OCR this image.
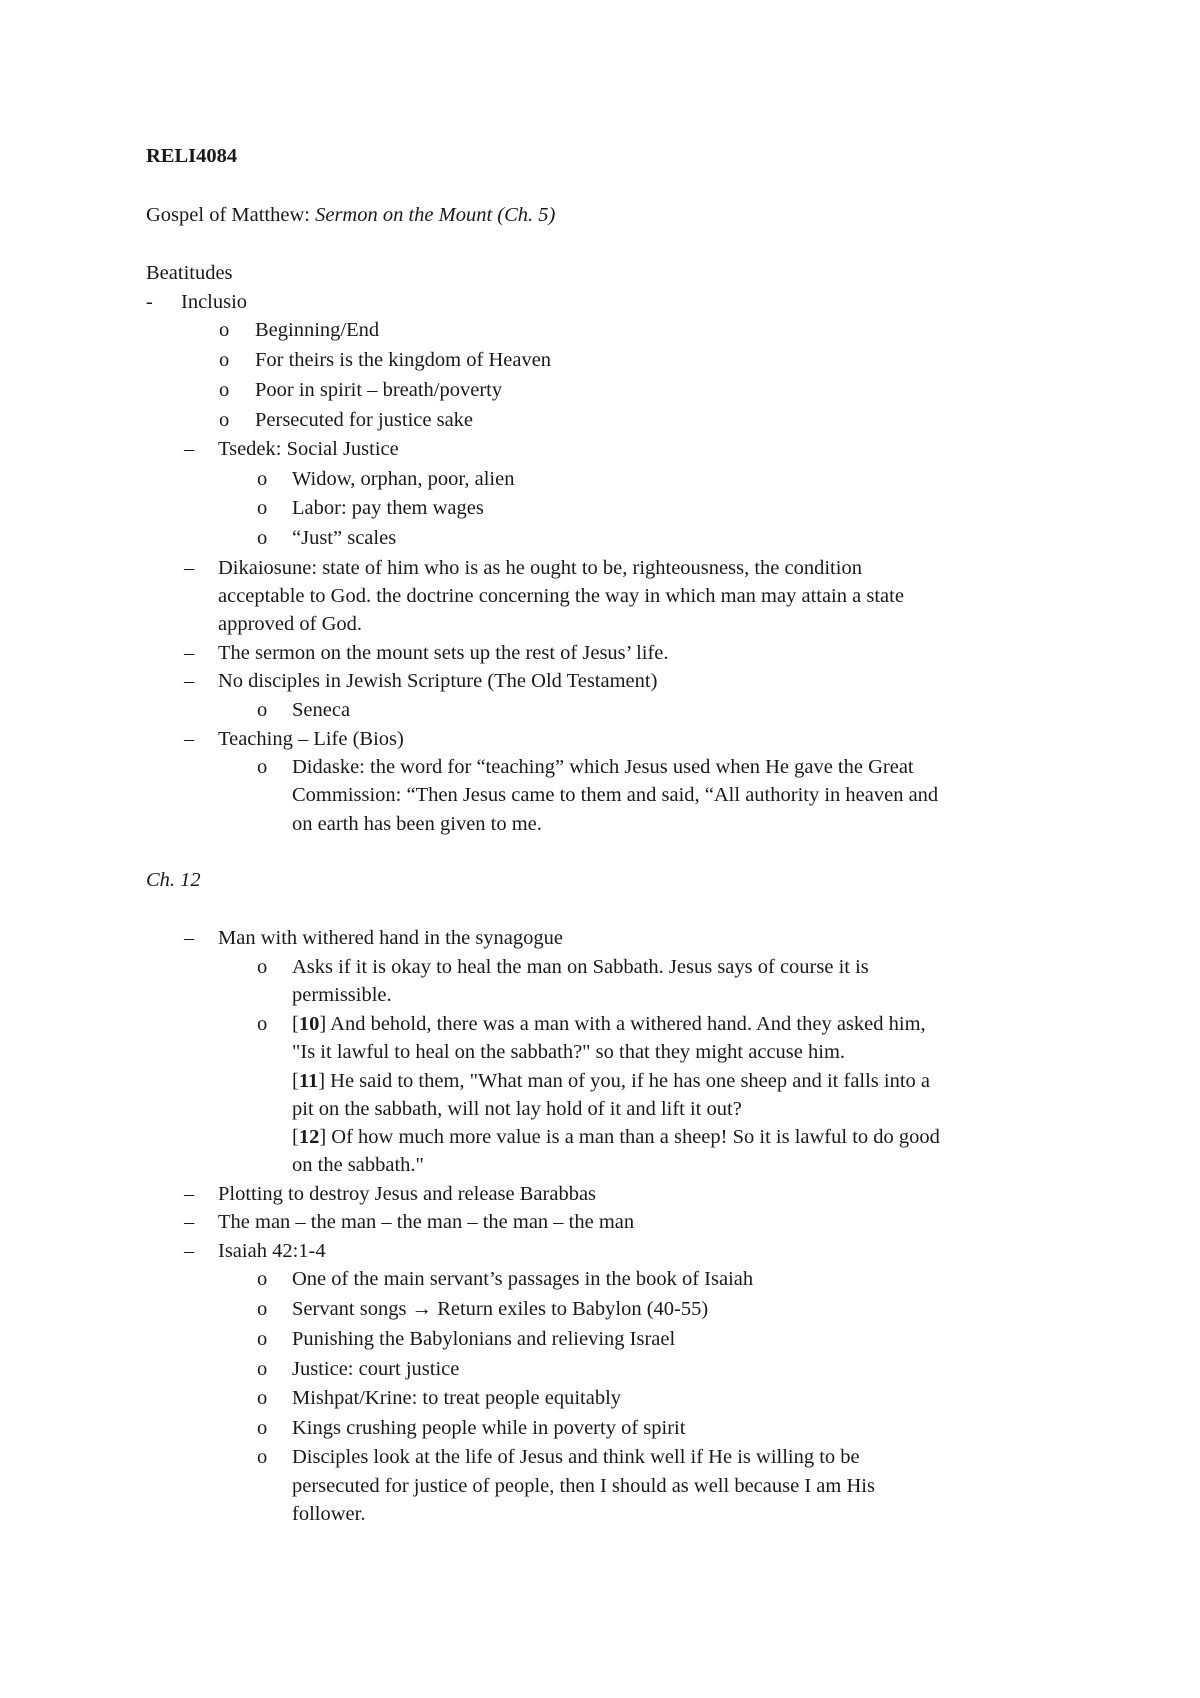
RELI4084
Gospel of Matthew: Sermon on the Mount (Ch. 5)
Beatitudes
- Inclusio
o Beginning/End
o For theirs is the kingdom of Heaven
o Poor in spirit – breath/poverty
o Persecuted for justice sake
– Tsedek: Social Justice
o Widow, orphan, poor, alien
o Labor: pay them wages
o “Just” scales
– Dikaiosune: state of him who is as he ought to be, righteousness, the condition
acceptable to God. the doctrine concerning the way in which man may attain a state
approved of God.
– The sermon on the mount sets up the rest of Jesus’ life.
– No disciples in Jewish Scripture (The Old Testament)
o Seneca
– Teaching – Life (Bios)
o Didaske: the word for “teaching” which Jesus used when He gave the Great
Commission: “Then Jesus came to them and said, “All authority in heaven and
on earth has been given to me.
Ch. 12
– Man with withered hand in the synagogue
o Asks if it is okay to heal the man on Sabbath. Jesus says of course it is
permissible.
o [10] And behold, there was a man with a withered hand. And they asked him,
"Is it lawful to heal on the sabbath?" so that they might accuse him.
[11] He said to them, "What man of you, if he has one sheep and it falls into a
pit on the sabbath, will not lay hold of it and lift it out?
[12] Of how much more value is a man than a sheep! So it is lawful to do good
on the sabbath."
– Plotting to destroy Jesus and release Barabbas
– The man – the man – the man – the man – the man
– Isaiah 42:1-4
o One of the main servant’s passages in the book of Isaiah
o Servant songs → Return exiles to Babylon (40-55)
o Punishing the Babylonians and relieving Israel
o Justice: court justice
o Mishpat/Krine: to treat people equitably
o Kings crushing people while in poverty of spirit
o Disciples look at the life of Jesus and think well if He is willing to be
persecuted for justice of people, then I should as well because I am His
follower.
